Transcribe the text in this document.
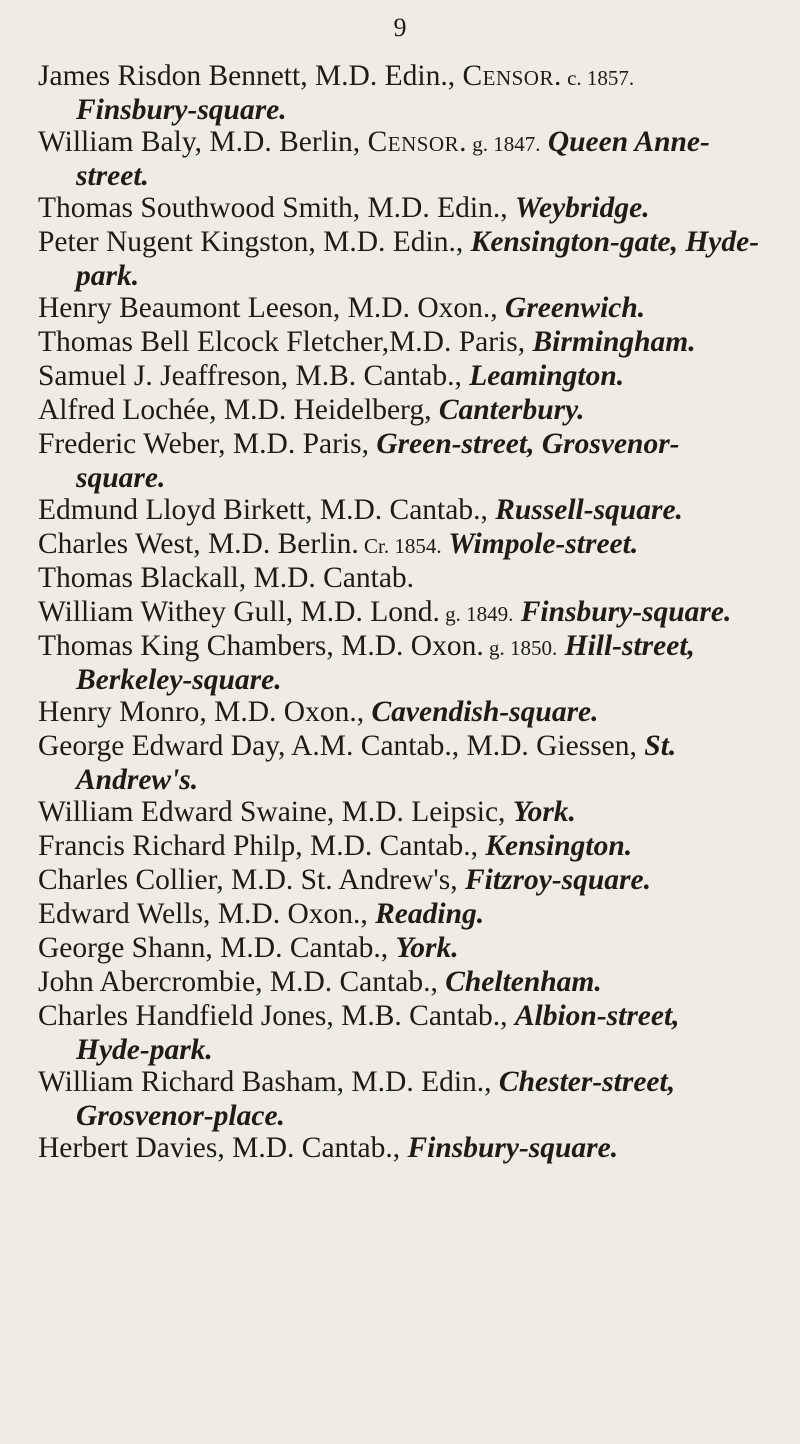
9
James Risdon Bennett, M.D. Edin., Censor. c. 1857. Finsbury-square.
William Baly, M.D. Berlin, Censor. g. 1847. Queen Anne-street.
Thomas Southwood Smith, M.D. Edin., Weybridge.
Peter Nugent Kingston, M.D. Edin., Kensington-gate, Hyde-park.
Henry Beaumont Leeson, M.D. Oxon., Greenwich.
Thomas Bell Elcock Fletcher,M.D. Paris, Birmingham.
Samuel J. Jeaffreson, M.B. Cantab., Leamington.
Alfred Lochée, M.D. Heidelberg, Canterbury.
Frederic Weber, M.D. Paris, Green-street, Grosvenor-square.
Edmund Lloyd Birkett, M.D. Cantab., Russell-square.
Charles West, M.D. Berlin. Cr. 1854. Wimpole-street.
Thomas Blackall, M.D. Cantab.
William Withey Gull, M.D. Lond. g. 1849. Finsbury-square.
Thomas King Chambers, M.D. Oxon. g. 1850. Hill-street, Berkeley-square.
Henry Monro, M.D. Oxon., Cavendish-square.
George Edward Day, A.M. Cantab., M.D. Giessen, St. Andrew's.
William Edward Swaine, M.D. Leipsic, York.
Francis Richard Philp, M.D. Cantab., Kensington.
Charles Collier, M.D. St. Andrew's, Fitzroy-square.
Edward Wells, M.D. Oxon., Reading.
George Shann, M.D. Cantab., York.
John Abercrombie, M.D. Cantab., Cheltenham.
Charles Handfield Jones, M.B. Cantab., Albion-street, Hyde-park.
William Richard Basham, M.D. Edin., Chester-street, Grosvenor-place.
Herbert Davies, M.D. Cantab., Finsbury-square.
